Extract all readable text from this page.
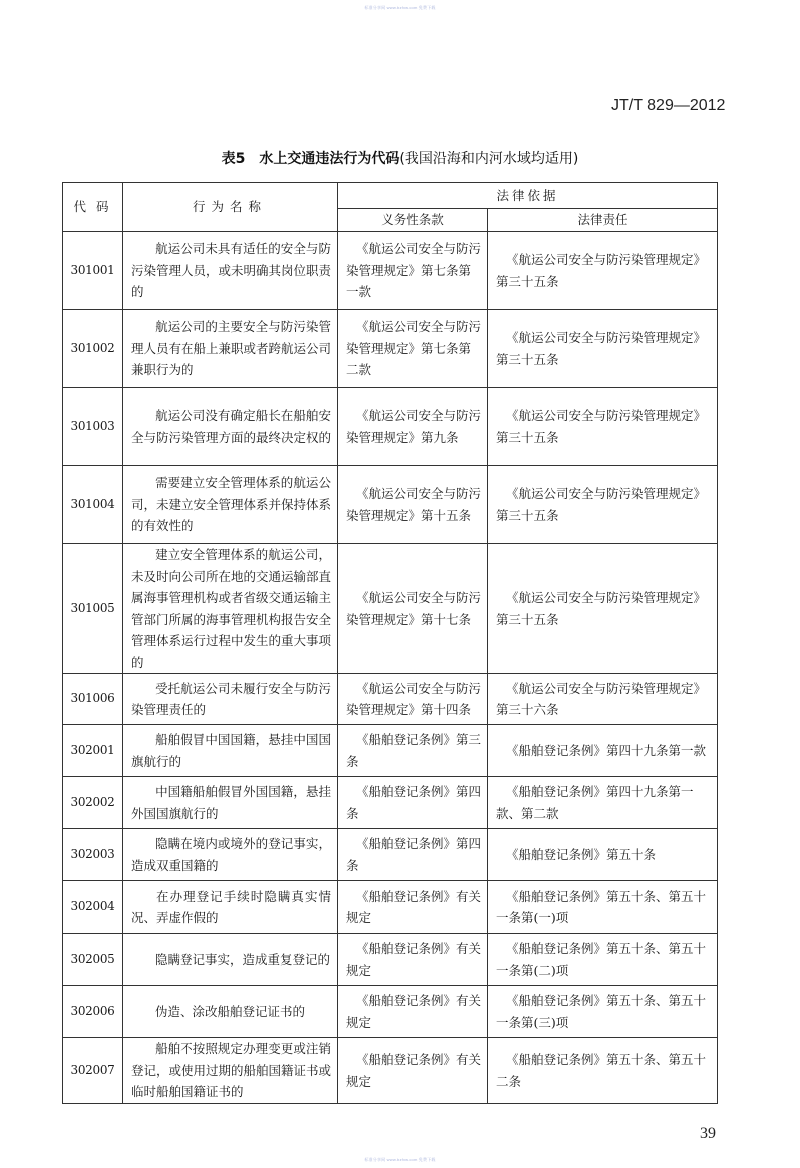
标准分享网 www.bzfxw.com 免费下载
JT/T 829—2012
表5 水上交通违法行为代码(我国沿海和内河水域均适用)
代 码	行为名称	法律依据	
		义务性条款	法律责任
301001	航运公司未具有适任的安全与防污染管理人员，或未明确其岗位职责的	《航运公司安全与防污染管理规定》第七条第一款	《航运公司安全与防污染管理规定》第三十五条
301002	航运公司的主要安全与防污染管理人员有在船上兼职或者跨航运公司兼职行为的	《航运公司安全与防污染管理规定》第七条第二款	《航运公司安全与防污染管理规定》第三十五条
301003	航运公司没有确定船长在船舶安全与防污染管理方面的最终决定权的	《航运公司安全与防污染管理规定》第九条	《航运公司安全与防污染管理规定》第三十五条
301004	需要建立安全管理体系的航运公司，未建立安全管理体系并保持体系的有效性的	《航运公司安全与防污染管理规定》第十五条	《航运公司安全与防污染管理规定》第三十五条
301005	建立安全管理体系的航运公司，未及时向公司所在地的交通运输部直属海事管理机构或者省级交通运输主管部门所属的海事管理机构报告安全管理体系运行过程中发生的重大事项的	《航运公司安全与防污染管理规定》第十七条	《航运公司安全与防污染管理规定》第三十五条
301006	受托航运公司未履行安全与防污染管理责任的	《航运公司安全与防污染管理规定》第十四条	《航运公司安全与防污染管理规定》第三十六条
302001	船舶假冒中国国籍，悬挂中国国旗航行的	《船舶登记条例》第三条	《船舶登记条例》第四十九条第一款
302002	中国籍船舶假冒外国国籍，悬挂外国国旗航行的	《船舶登记条例》第四条	《船舶登记条例》第四十九条第一款、第二款
302003	隐瞒在境内或境外的登记事实，造成双重国籍的	《船舶登记条例》第四条	《船舶登记条例》第五十条
302004	在办理登记手续时隐瞒真实情况、弄虚作假的	《船舶登记条例》有关规定	《船舶登记条例》第五十条、第五十一条第(一)项
302005	隐瞒登记事实，造成重复登记的	《船舶登记条例》有关规定	《船舶登记条例》第五十条、第五十一条第(二)项
302006	伪造、涂改船舶登记证书的	《船舶登记条例》有关规定	《船舶登记条例》第五十条、第五十一条第(三)项
302007	船舶不按照规定办理变更或注销登记，或使用过期的船舶国籍证书或临时船舶国籍证书的	《船舶登记条例》有关规定	《船舶登记条例》第五十条、第五十二条
39
标准分享网 www.bzfxw.com 免费下载
